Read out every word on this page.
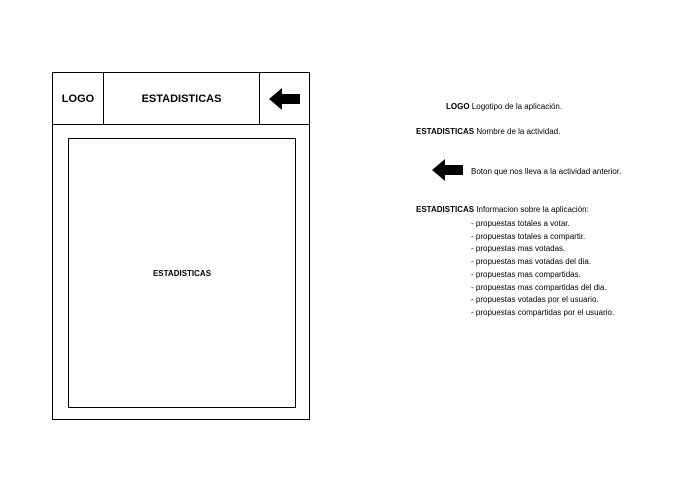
LOGO	ESTADISTICAS
ESTADISTICAS
LOGO Logotipo de la aplicación.
ESTADISTICAS Nombre de la actividad.
Boton que nos lleva a la actividad anterior.
ESTADISTICAS Informacion sobre la aplicación:
- propuestas totales a votar.
- propuestas totales a compartir.
- propuestas mas votadas.
- propuestas mas votadas del dia.
- propuestas mas compartidas.
- propuestas mas compartidas del dia.
- propuestas votadas por el usuario.
- propuestas compartidas por el usuario.
